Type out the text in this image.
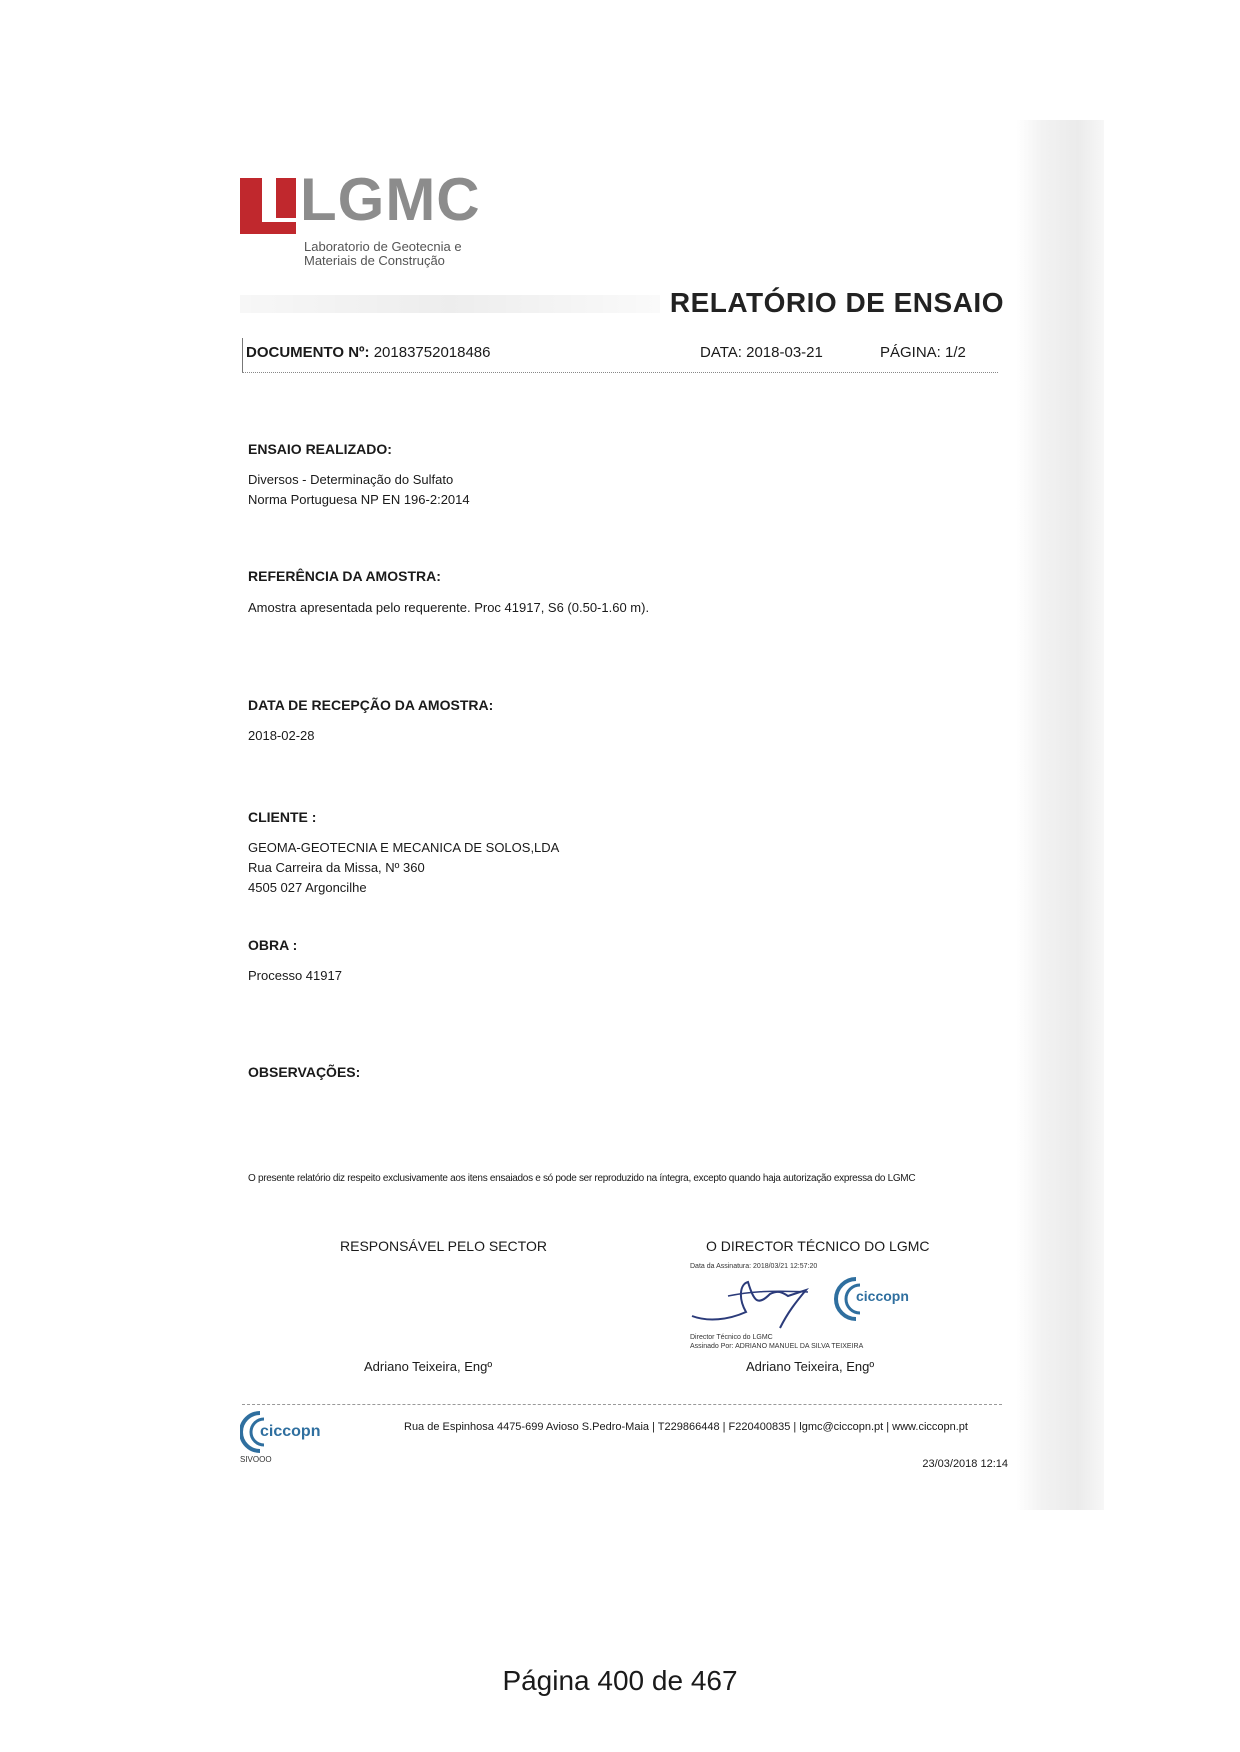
LGMC
Laboratorio de Geotecnia e
Materiais de Construção
RELATÓRIO DE ENSAIO
DOCUMENTO Nº: 20183752018486	DATA: 2018-03-21	PÁGINA: 1/2
ENSAIO REALIZADO:
Diversos - Determinação do Sulfato
Norma Portuguesa NP EN 196-2:2014
REFERÊNCIA DA AMOSTRA:
Amostra apresentada pelo requerente. Proc 41917, S6 (0.50-1.60 m).
DATA DE RECEPÇÃO DA AMOSTRA:
2018-02-28
CLIENTE :
GEOMA-GEOTECNIA E MECANICA DE SOLOS,LDA
Rua Carreira da Missa, Nº 360
4505 027 Argoncilhe
OBRA :
Processo 41917
OBSERVAÇÕES:
O presente relatório diz respeito exclusivamente aos itens ensaiados e só pode ser reproduzido na íntegra, excepto quando haja autorização expressa do LGMC
RESPONSÁVEL PELO SECTOR
Adriano Teixeira, Engº
O DIRECTOR TÉCNICO DO LGMC
Data da Assinatura: 2018/03/21 12:57:20
ciccopn
Director Técnico do LGMC
Assinado Por: ADRIANO MANUEL DA SILVA TEIXEIRA
Adriano Teixeira, Engº
ciccopn
SIVOOO
Rua de Espinhosa 4475-699 Avioso S.Pedro-Maia | T229866448 | F220400835 | lgmc@ciccopn.pt | www.ciccopn.pt
23/03/2018 12:14
Página 400 de 467
